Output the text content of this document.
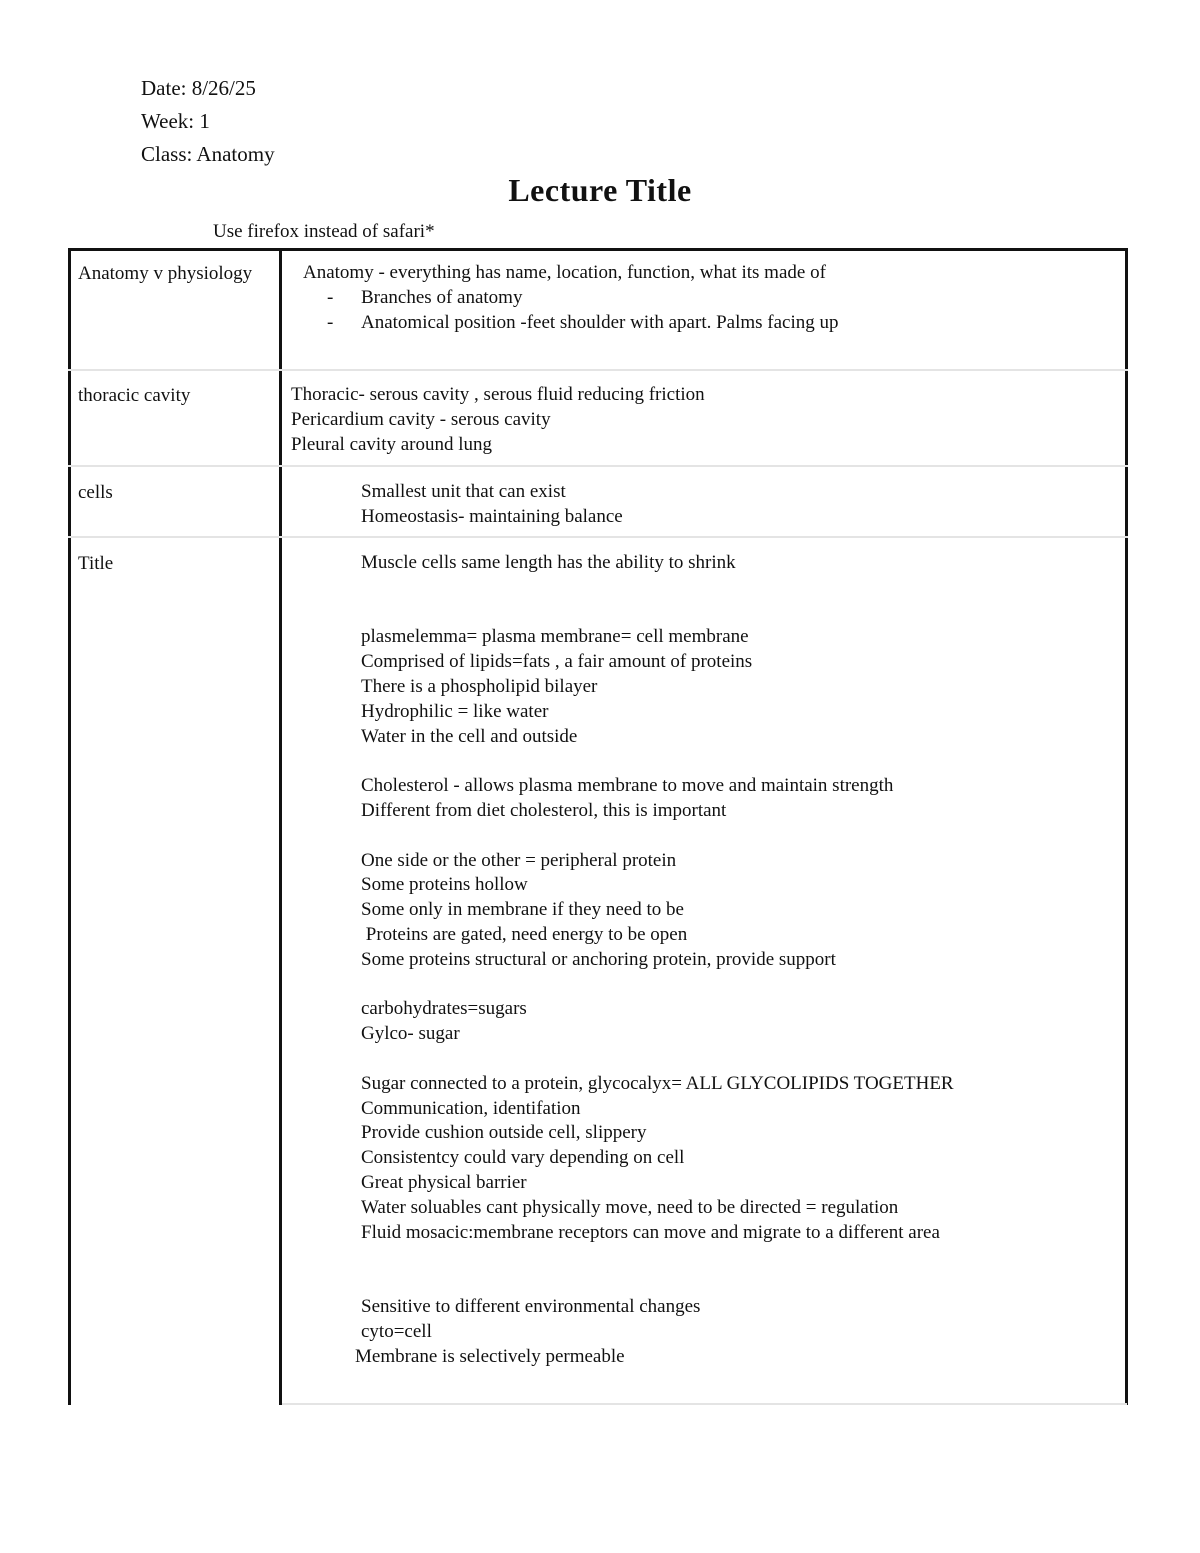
Date: 8/26/25
Week: 1
Class: Anatomy
Lecture Title
Use firefox instead of safari*
Anatomy v physiology	Anatomy - everything has name, location, function, what its made of
- Branches of anatomy
- Anatomical position -feet shoulder with apart. Palms facing up
thoracic cavity	Thoracic- serous cavity , serous fluid reducing friction
Pericardium cavity - serous cavity
Pleural cavity around lung
cells	Smallest unit that can exist
Homeostasis- maintaining balance
Title	Muscle cells same length has the ability to shrink
plasmelemma= plasma membrane= cell membrane
Comprised of lipids=fats , a fair amount of proteins
There is a phospholipid bilayer
Hydrophilic = like water
Water in the cell and outside
Cholesterol - allows plasma membrane to move and maintain strength
Different from diet cholesterol, this is important
One side or the other = peripheral protein
Some proteins hollow
Some only in membrane if they need to be
Proteins are gated, need energy to be open
Some proteins structural or anchoring protein, provide support
carbohydrates=sugars
Gylco- sugar
Sugar connected to a protein, glycocalyx= ALL GLYCOLIPIDS TOGETHER
Communication, identifation
Provide cushion outside cell, slippery
Consistentcy could vary depending on cell
Great physical barrier
Water soluables cant physically move, need to be directed = regulation
Fluid mosacic:membrane receptors can move and migrate to a different area
Sensitive to different environmental changes
cyto=cell
Membrane is selectively permeable
